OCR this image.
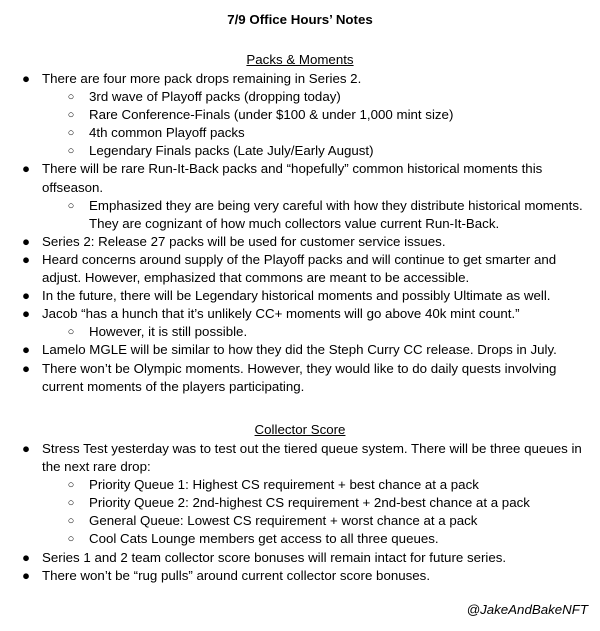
7/9 Office Hours’ Notes
Packs & Moments
● There are four more pack drops remaining in Series 2.
○ 3rd wave of Playoff packs (dropping today)
○ Rare Conference-Finals (under $100 & under 1,000 mint size)
○ 4th common Playoff packs
○ Legendary Finals packs (Late July/Early August)
● There will be rare Run-It-Back packs and “hopefully” common historical moments this offseason.
○ Emphasized they are being very careful with how they distribute historical moments. They are cognizant of how much collectors value current Run-It-Back.
● Series 2: Release 27 packs will be used for customer service issues.
● Heard concerns around supply of the Playoff packs and will continue to get smarter and adjust. However, emphasized that commons are meant to be accessible.
● In the future, there will be Legendary historical moments and possibly Ultimate as well.
● Jacob “has a hunch that it’s unlikely CC+ moments will go above 40k mint count.”
○ However, it is still possible.
● Lamelo MGLE will be similar to how they did the Steph Curry CC release. Drops in July.
● There won’t be Olympic moments. However, they would like to do daily quests involving current moments of the players participating.
Collector Score
● Stress Test yesterday was to test out the tiered queue system. There will be three queues in the next rare drop:
○ Priority Queue 1: Highest CS requirement + best chance at a pack
○ Priority Queue 2: 2nd-highest CS requirement + 2nd-best chance at a pack
○ General Queue: Lowest CS requirement + worst chance at a pack
○ Cool Cats Lounge members get access to all three queues.
● Series 1 and 2 team collector score bonuses will remain intact for future series.
● There won’t be “rug pulls” around current collector score bonuses.
@JakeAndBakeNFT
